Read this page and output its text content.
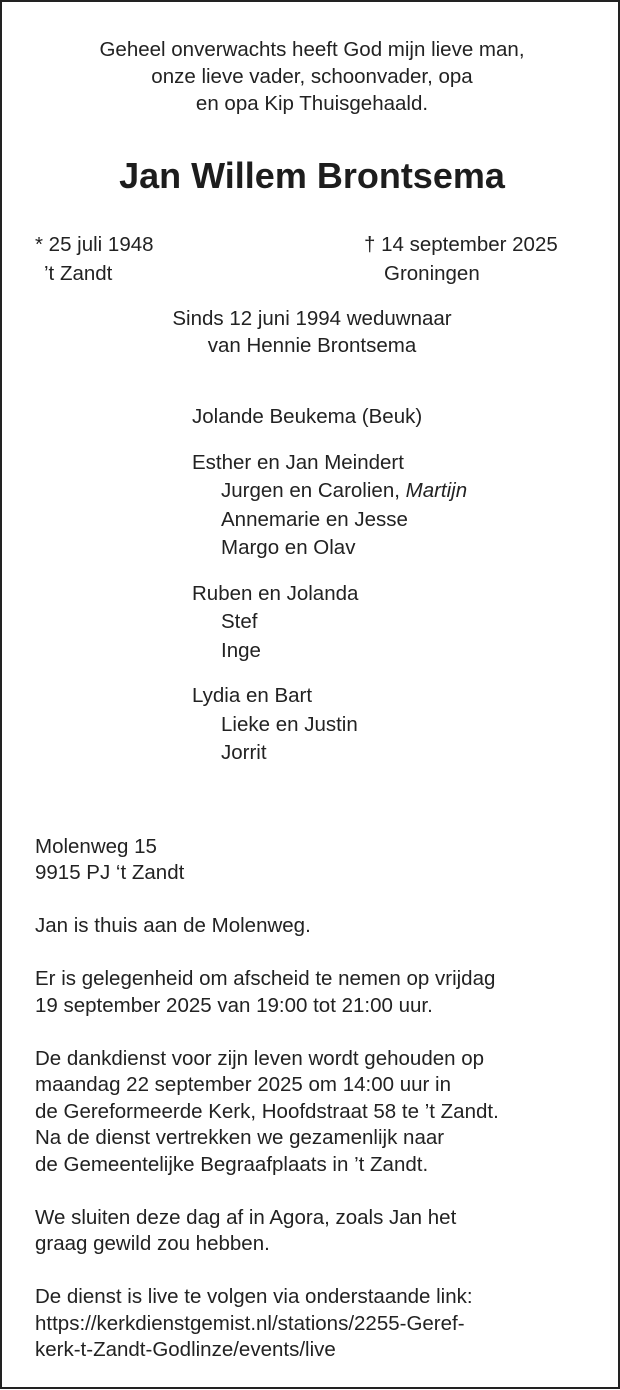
Geheel onverwachts heeft God mijn lieve man,
onze lieve vader, schoonvader, opa
en opa Kip Thuisgehaald.
Jan Willem Brontsema
* 25 juli 1948
’t Zandt
† 14 september 2025
Groningen
Sinds 12 juni 1994 weduwnaar
van Hennie Brontsema
Jolande Beukema (Beuk)
Esther en Jan Meindert
Jurgen en Carolien, Martijn
Annemarie en Jesse
Margo en Olav
Ruben en Jolanda
Stef
Inge
Lydia en Bart
Lieke en Justin
Jorrit

Molenweg 15
9915 PJ ‘t Zandt

Jan is thuis aan de Molenweg.

Er is gelegenheid om afscheid te nemen op vrijdag
19 september 2025 van 19:00 tot 21:00 uur.

De dankdienst voor zijn leven wordt gehouden op
maandag 22 september 2025 om 14:00 uur in
de Gereformeerde Kerk, Hoofdstraat 58 te ’t Zandt.
Na de dienst vertrekken we gezamenlijk naar
de Gemeentelijke Begraafplaats in ’t Zandt.

We sluiten deze dag af in Agora, zoals Jan het
graag gewild zou hebben.

De dienst is live te volgen via onderstaande link:
https://kerkdienstgemist.nl/stations/2255-Geref-
kerk-t-Zandt-Godlinze/events/live
